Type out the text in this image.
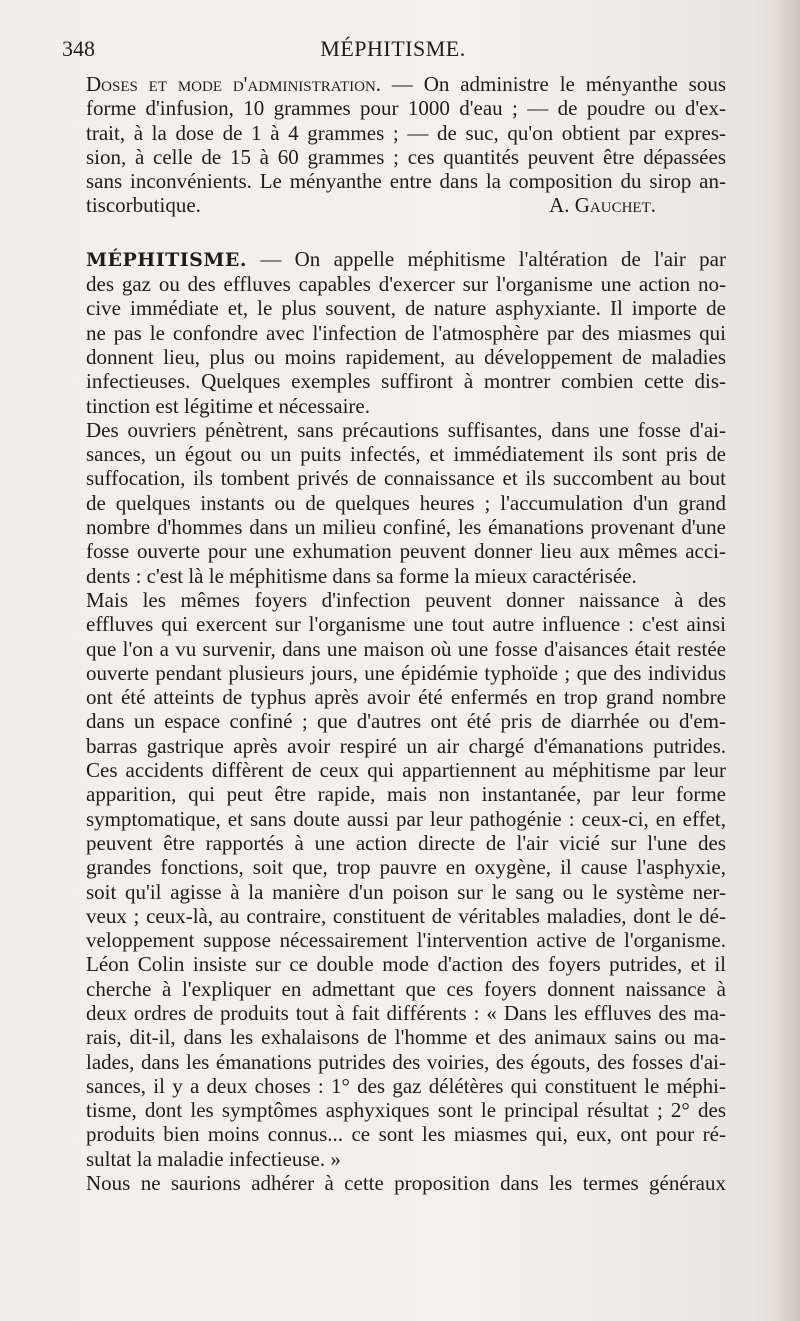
348	MÉPHITISME.

Doses et mode d'administration. — On administre le ményanthe sous
forme d'infusion, 10 grammes pour 1000 d'eau ; — de poudre ou d'ex-
trait, à la dose de 1 à 4 grammes ; — de suc, qu'on obtient par expres-
sion, à celle de 15 à 60 grammes ; ces quantités peuvent être dépassées
sans inconvénients. Le ményanthe entre dans la composition du sirop an-
tiscorbutique.	A. Gauchet.

MÉPHITISME. — On appelle méphitisme l'altération de l'air par
des gaz ou des effluves capables d'exercer sur l'organisme une action no-
cive immédiate et, le plus souvent, de nature asphyxiante. Il importe de
ne pas le confondre avec l'infection de l'atmosphère par des miasmes qui
donnent lieu, plus ou moins rapidement, au développement de maladies
infectieuses. Quelques exemples suffiront à montrer combien cette dis-
tinction est légitime et nécessaire.

Des ouvriers pénètrent, sans précautions suffisantes, dans une fosse d'ai-
sances, un égout ou un puits infectés, et immédiatement ils sont pris de
suffocation, ils tombent privés de connaissance et ils succombent au bout
de quelques instants ou de quelques heures ; l'accumulation d'un grand
nombre d'hommes dans un milieu confiné, les émanations provenant d'une
fosse ouverte pour une exhumation peuvent donner lieu aux mêmes acci-
dents : c'est là le méphitisme dans sa forme la mieux caractérisée.

Mais les mêmes foyers d'infection peuvent donner naissance à des
effluves qui exercent sur l'organisme une tout autre influence : c'est ainsi
que l'on a vu survenir, dans une maison où une fosse d'aisances était restée
ouverte pendant plusieurs jours, une épidémie typhoïde ; que des individus
ont été atteints de typhus après avoir été enfermés en trop grand nombre
dans un espace confiné ; que d'autres ont été pris de diarrhée ou d'em-
barras gastrique après avoir respiré un air chargé d'émanations putrides.
Ces accidents diffèrent de ceux qui appartiennent au méphitisme par leur
apparition, qui peut être rapide, mais non instantanée, par leur forme
symptomatique, et sans doute aussi par leur pathogénie : ceux-ci, en effet,
peuvent être rapportés à une action directe de l'air vicié sur l'une des
grandes fonctions, soit que, trop pauvre en oxygène, il cause l'asphyxie,
soit qu'il agisse à la manière d'un poison sur le sang ou le système ner-
veux ; ceux-là, au contraire, constituent de véritables maladies, dont le dé-
veloppement suppose nécessairement l'intervention active de l'organisme.
Léon Colin insiste sur ce double mode d'action des foyers putrides, et il
cherche à l'expliquer en admettant que ces foyers donnent naissance à
deux ordres de produits tout à fait différents : « Dans les effluves des ma-
rais, dit-il, dans les exhalaisons de l'homme et des animaux sains ou ma-
lades, dans les émanations putrides des voiries, des égouts, des fosses d'ai-
sances, il y a deux choses : 1° des gaz délétères qui constituent le méphi-
tisme, dont les symptômes asphyxiques sont le principal résultat ; 2° des
produits bien moins connus... ce sont les miasmes qui, eux, ont pour ré-
sultat la maladie infectieuse. »

Nous ne saurions adhérer à cette proposition dans les termes généraux
